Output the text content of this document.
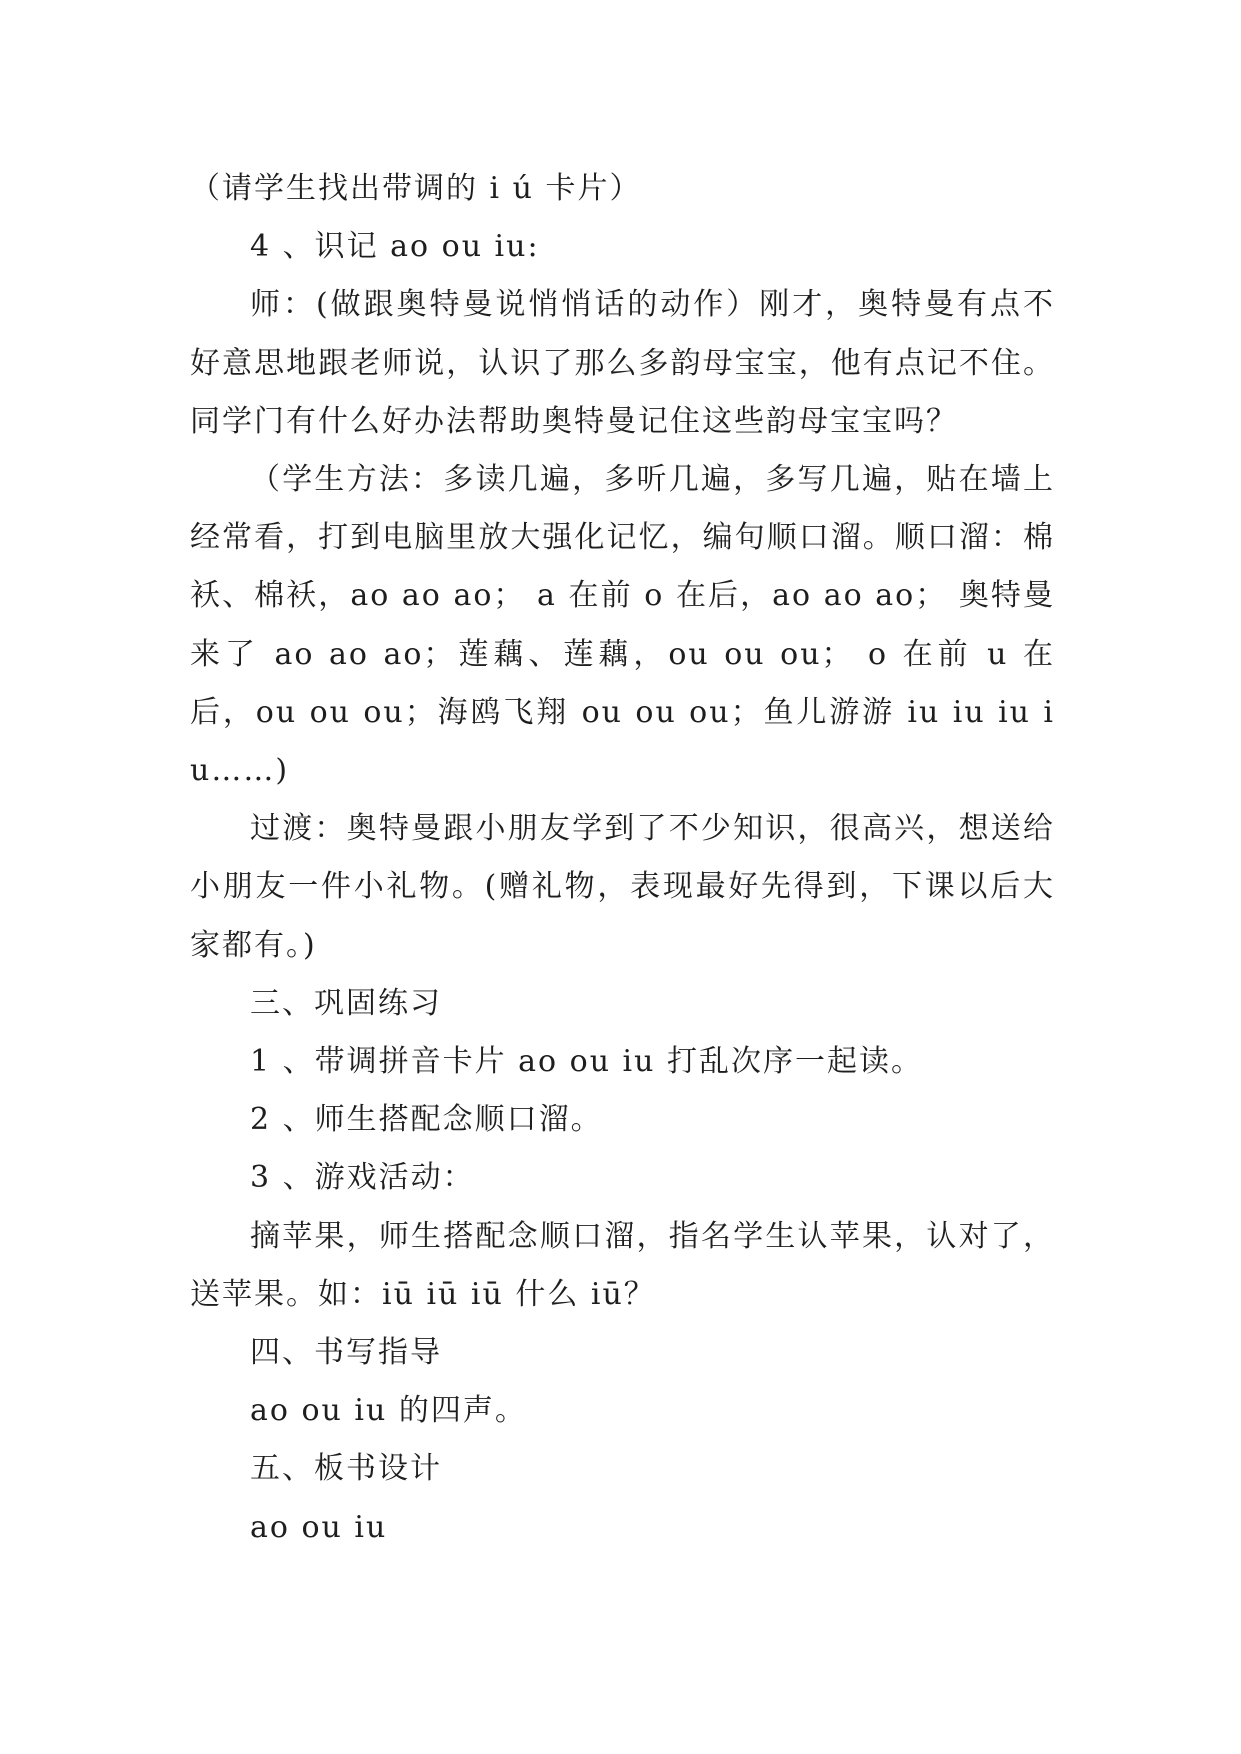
（请学生找出带调的 i ú 卡片）

4 、识记 ao ou iu:

师：(做跟奥特曼说悄悄话的动作）刚才，奥特曼有点不好意思地跟老师说，认识了那么多韵母宝宝，他有点记不住。同学门有什么好办法帮助奥特曼记住这些韵母宝宝吗？

（学生方法：多读几遍，多听几遍，多写几遍，贴在墙上经常看，打到电脑里放大强化记忆，编句顺口溜。顺口溜：棉袄、棉袄，ao ao ao； a 在前 o 在后，ao ao ao； 奥特曼来了 ao ao ao；莲藕、莲藕，ou ou ou； o 在前 u 在后，ou ou ou；海鸥飞翔 ou ou ou；鱼儿游游 iu iu iu iu……)

过渡：奥特曼跟小朋友学到了不少知识，很高兴，想送给小朋友一件小礼物。(赠礼物，表现最好先得到，下课以后大家都有。)

三、巩固练习

1 、带调拼音卡片 ao ou iu 打乱次序一起读。

2 、师生搭配念顺口溜。

3 、游戏活动：

摘苹果，师生搭配念顺口溜，指名学生认苹果，认对了，送苹果。如：iū iū iū 什么 iū？

四、书写指导

ao ou iu 的四声。

五、板书设计

ao ou iu
